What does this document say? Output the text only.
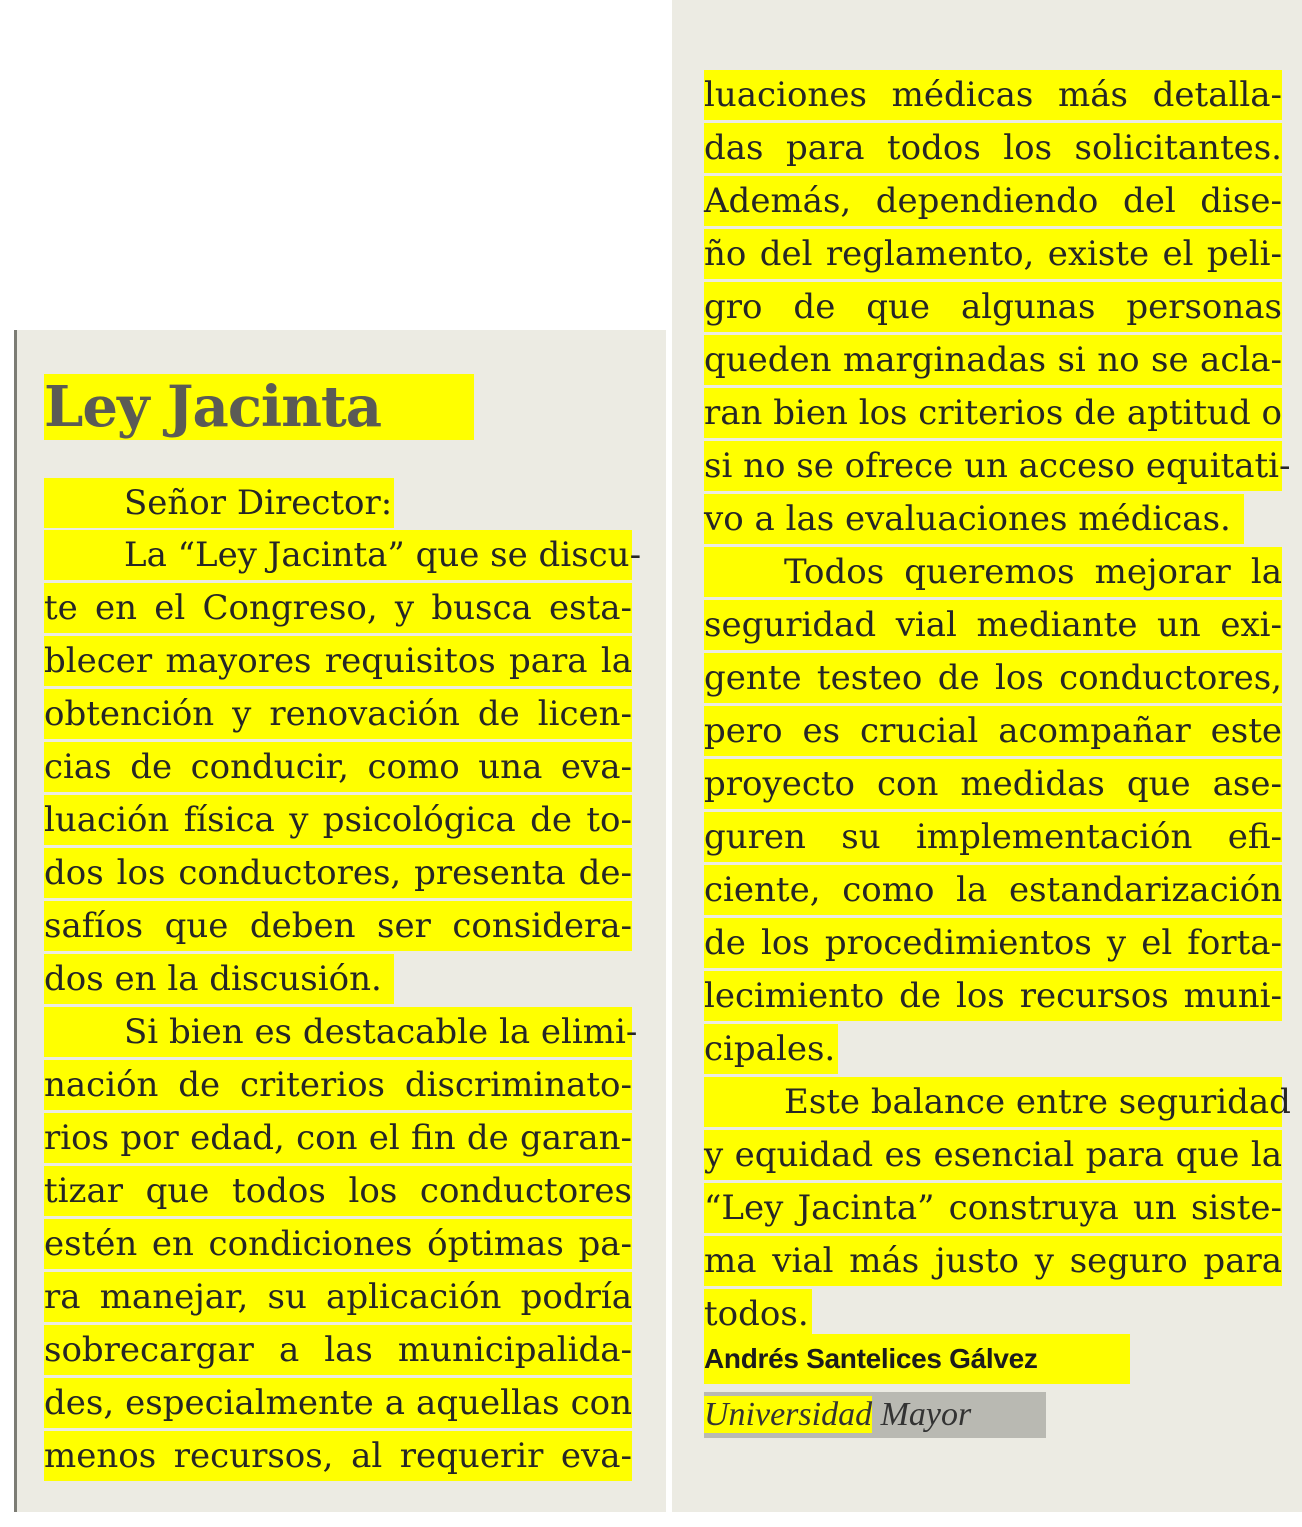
Ley Jacinta
Señor Director:
La “Ley Jacinta” que se discu-
te en el Congreso, y busca esta-
blecer mayores requisitos para la
obtención y renovación de licen-
cias de conducir, como una eva-
luación física y psicológica de to-
dos los conductores, presenta de-
safíos que deben ser considera-
dos en la discusión.
Si bien es destacable la elimi-
nación de criterios discriminato-
rios por edad, con el fin de garan-
tizar que todos los conductores
estén en condiciones óptimas pa-
ra manejar, su aplicación podría
sobrecargar a las municipalida-
des, especialmente a aquellas con
menos recursos, al requerir eva-
luaciones médicas más detalla-
das para todos los solicitantes.
Además, dependiendo del dise-
ño del reglamento, existe el peli-
gro de que algunas personas
queden marginadas si no se acla-
ran bien los criterios de aptitud o
si no se ofrece un acceso equitati-
vo a las evaluaciones médicas.
Todos queremos mejorar la
seguridad vial mediante un exi-
gente testeo de los conductores,
pero es crucial acompañar este
proyecto con medidas que ase-
guren su implementación efi-
ciente, como la estandarización
de los procedimientos y el forta-
lecimiento de los recursos muni-
cipales.
Este balance entre seguridad
y equidad es esencial para que la
“Ley Jacinta” construya un siste-
ma vial más justo y seguro para
todos.
Andrés Santelices Gálvez
Universidad Mayor
